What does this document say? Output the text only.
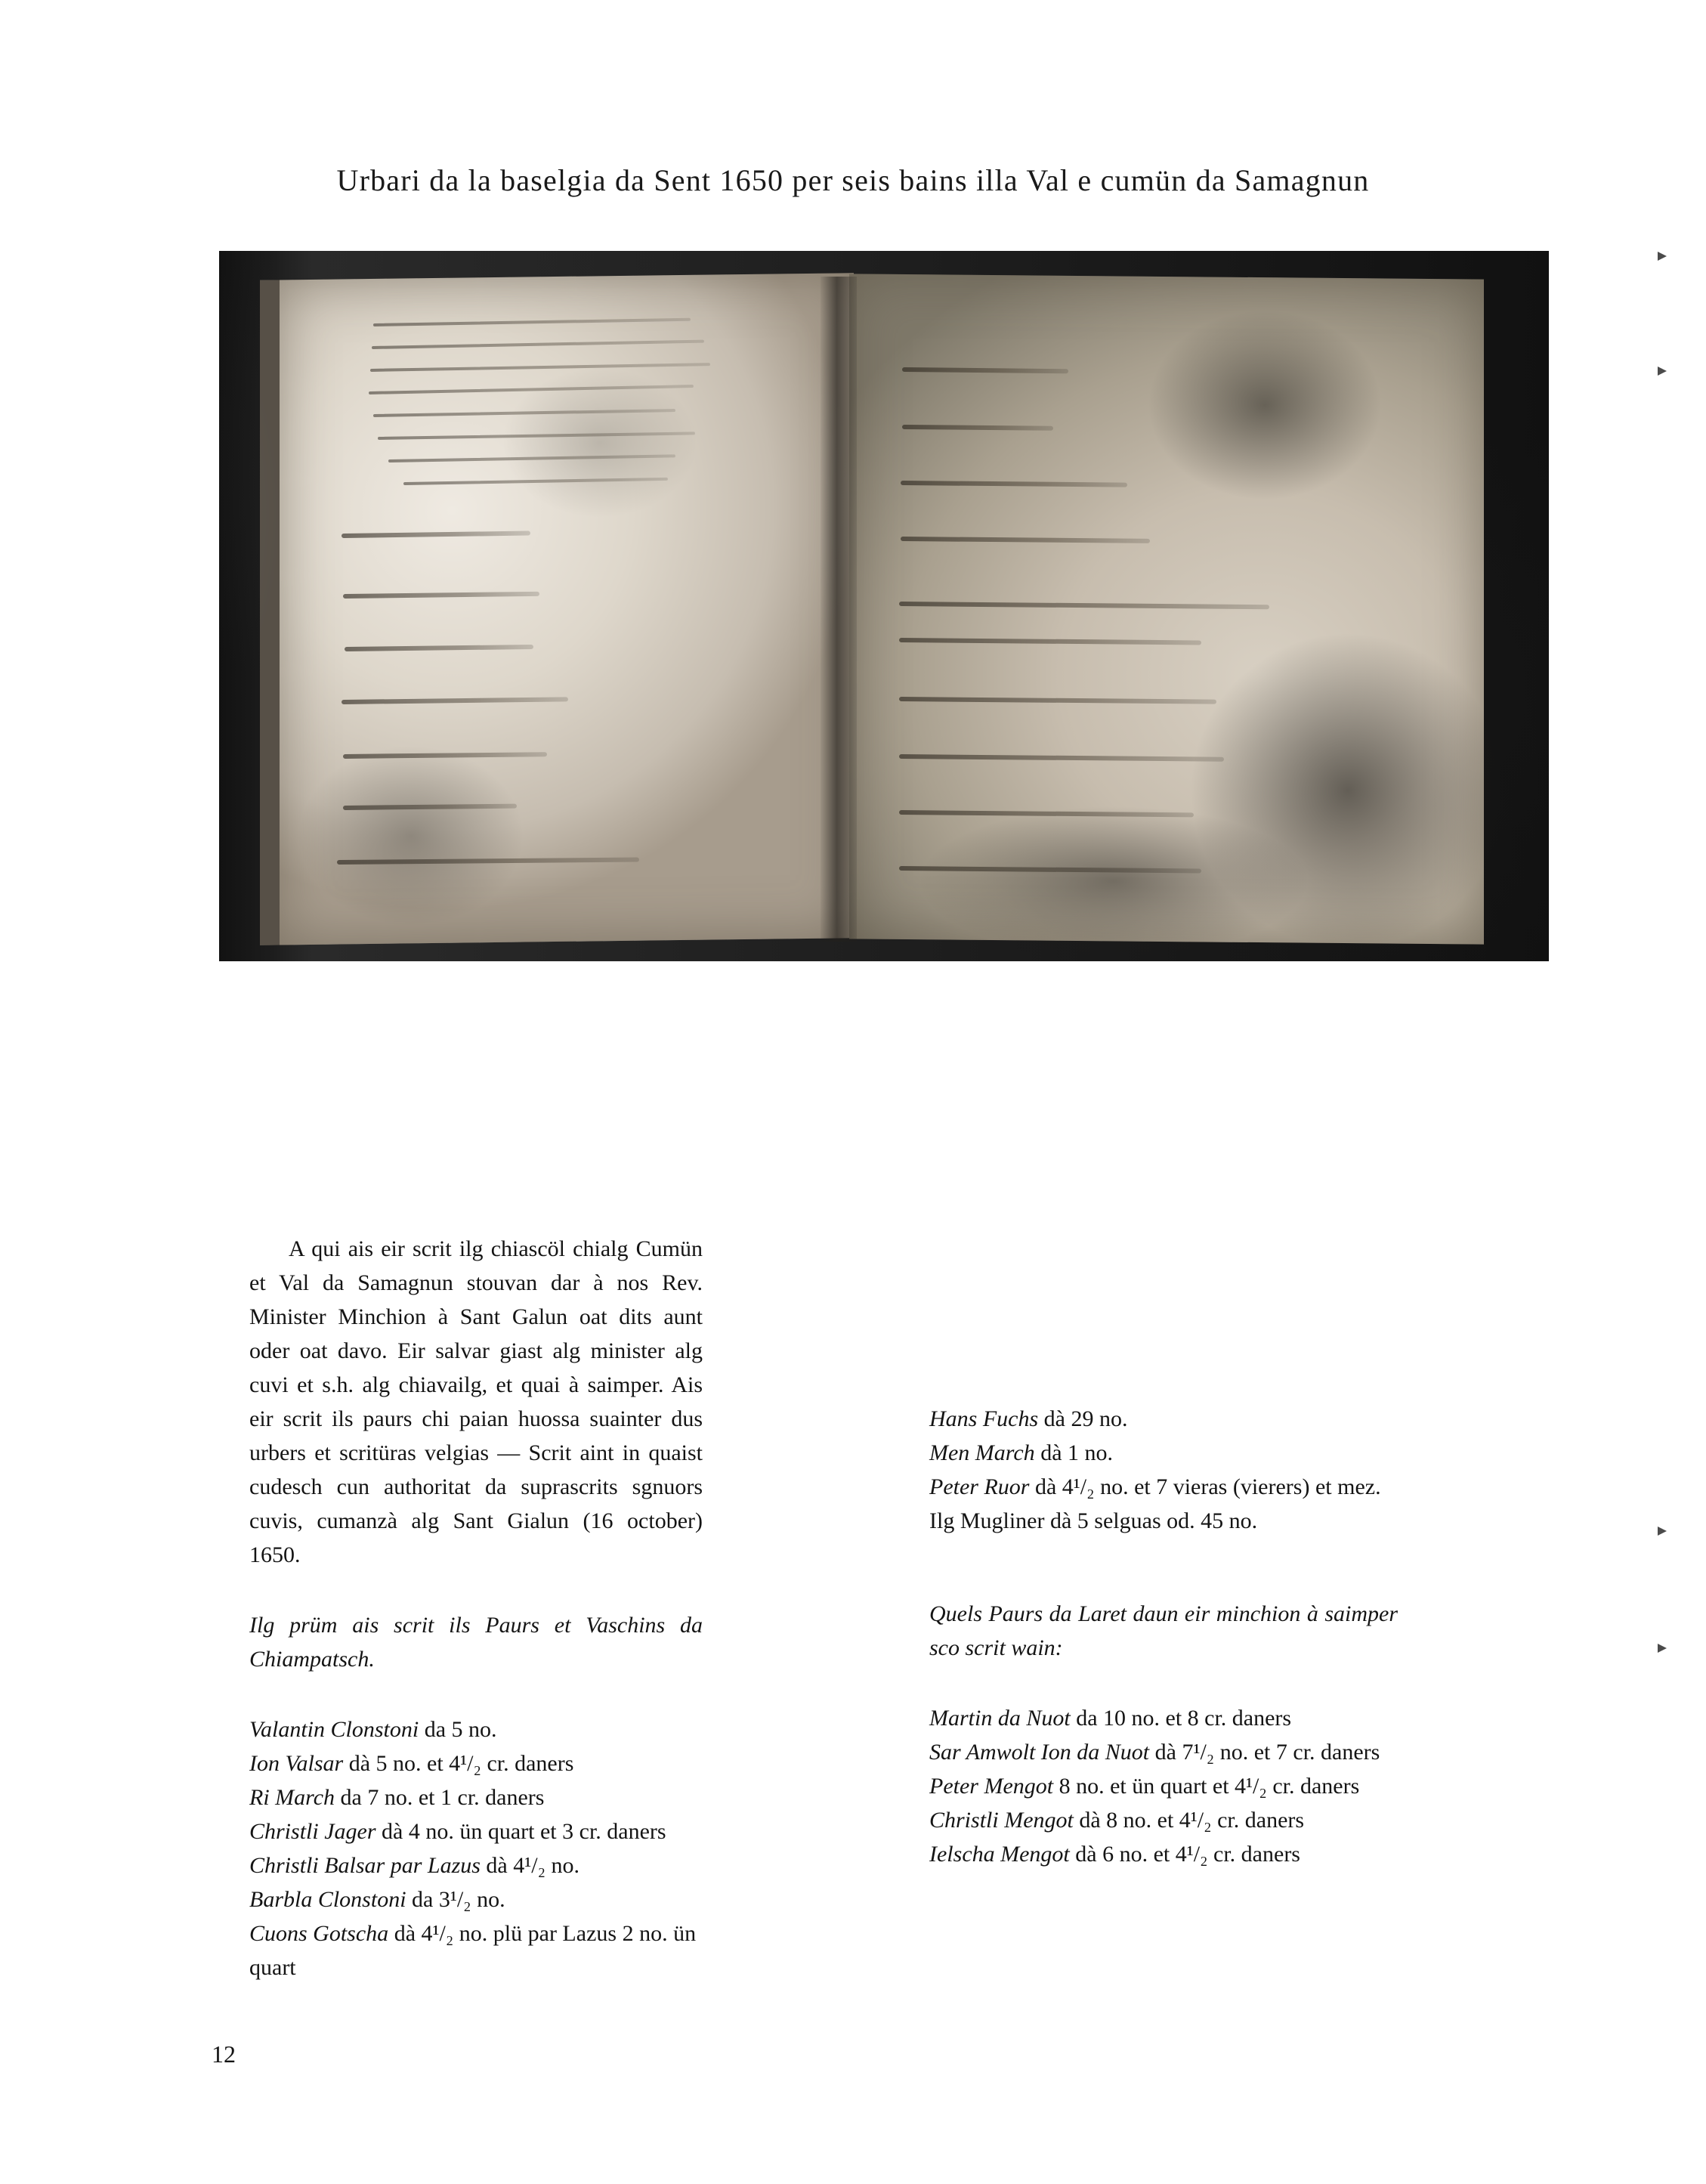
Urbari da la baselgia da Sent 1650 per seis bains illa Val e cumün da Samagnun

A qui ais eir scrit ilg chiascöl chialg Cumün et Val da Samagnun stouvan dar à nos Rev. Minister Minchion à Sant Galun oat dits aunt oder oat davo. Eir salvar giast alg minister alg cuvi et s.h. alg chiavailg, et quai à saimper. Ais eir scrit ils paurs chi paian huossa suainter dus urbers et scritüras velgias — Scrit aint in quaist cudesch cun authoritat da suprascrits sgnuors cuvis, cumanzà alg Sant Gialun (16 october) 1650.

Ilg prüm ais scrit ils Paurs et Vaschins da Chiampatsch.

Valantin Clonstoni da 5 no.
Ion Valsar dà 5 no. et 4¹/₂ cr. daners
Ri March da 7 no. et 1 cr. daners
Christli Jager dà 4 no. ün quart et 3 cr. daners
Christli Balsar par Lazus dà 4¹/₂ no.
Barbla Clonstoni da 3¹/₂ no.
Cuons Gotscha dà 4¹/₂ no. plü par Lazus 2 no. ün quart
Hans Fuchs dà 29 no.
Men March dà 1 no.
Peter Ruor dà 4¹/₂ no. et 7 vieras (vierers) et mez.
Ilg Mugliner dà 5 selguas od. 45 no.

Quels Paurs da Laret daun eir minchion à saimper sco scrit wain:

Martin da Nuot da 10 no. et 8 cr. daners
Sar Amwolt Ion da Nuot dà 7¹/₂ no. et 7 cr. daners
Peter Mengot 8 no. et ün quart et 4¹/₂ cr. daners
Christli Mengot dà 8 no. et 4¹/₂ cr. daners
Ielscha Mengot dà 6 no. et 4¹/₂ cr. daners
12
